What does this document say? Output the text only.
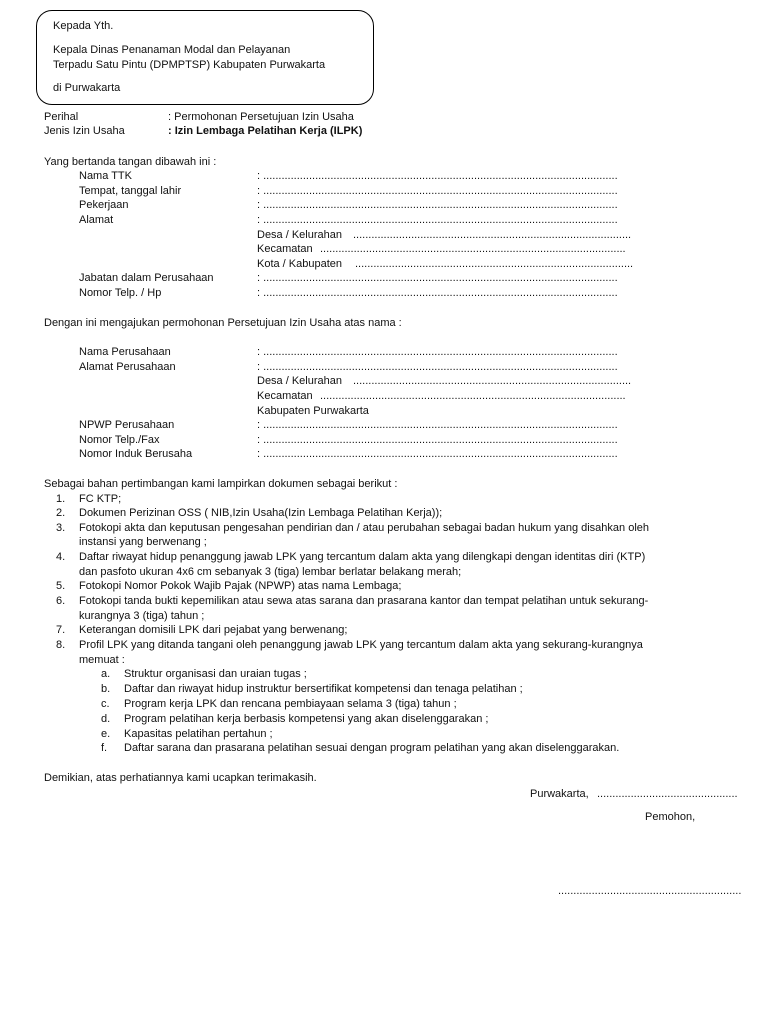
Kepada Yth.
Kepala Dinas Penanaman Modal dan Pelayanan
Terpadu Satu Pintu (DPMPTSP) Kabupaten Purwakarta
di Purwakarta
Perihal	: Permohonan Persetujuan Izin Usaha
Jenis Izin Usaha	: Izin Lembaga Pelatihan Kerja (ILPK)
Yang bertanda tangan dibawah ini :
Nama TTK	: ....................................................................................................................
Tempat, tanggal lahir	: ....................................................................................................................
Pekerjaan	: ....................................................................................................................
Alamat	: ....................................................................................................................
Desa / Kelurahan ...........................................................................................
Kecamatan ....................................................................................................
Kota / Kabupaten ...........................................................................................
Jabatan dalam Perusahaan	: ....................................................................................................................
Nomor Telp. / Hp	: ....................................................................................................................
Dengan ini mengajukan permohonan Persetujuan Izin Usaha atas nama :
Nama Perusahaan	: ....................................................................................................................
Alamat Perusahaan	: ....................................................................................................................
Desa / Kelurahan ...........................................................................................
Kecamatan ....................................................................................................
Kabupaten Purwakarta
NPWP Perusahaan	: ....................................................................................................................
Nomor Telp./Fax	: ....................................................................................................................
Nomor Induk Berusaha	: ....................................................................................................................
Sebagai bahan pertimbangan kami lampirkan dokumen sebagai berikut :
1. FC KTP;
2. Dokumen Perizinan OSS ( NIB,Izin Usaha(Izin Lembaga Pelatihan Kerja));
3. Fotokopi akta dan keputusan pengesahan pendirian dan / atau perubahan sebagai badan hukum yang disahkan oleh
instansi yang berwenang ;
4. Daftar riwayat hidup penanggung jawab LPK yang tercantum dalam akta yang dilengkapi dengan identitas diri (KTP)
dan pasfoto ukuran 4x6 cm sebanyak 3 (tiga) lembar berlatar belakang merah;
5. Fotokopi Nomor Pokok Wajib Pajak (NPWP) atas nama Lembaga;
6. Fotokopi tanda bukti kepemilikan atau sewa atas sarana dan prasarana kantor dan tempat pelatihan untuk sekurang-
kurangnya 3 (tiga) tahun ;
7. Keterangan domisili LPK dari pejabat yang berwenang;
8. Profil LPK yang ditanda tangani oleh penanggung jawab LPK yang tercantum dalam akta yang sekurang-kurangnya
memuat :
a. Struktur organisasi dan uraian tugas ;
b. Daftar dan riwayat hidup instruktur bersertifikat kompetensi dan tenaga pelatihan ;
c. Program kerja LPK dan rencana pembiayaan selama 3 (tiga) tahun ;
d. Program pelatihan kerja berbasis kompetensi yang akan diselenggarakan ;
e. Kapasitas pelatihan pertahun ;
f. Daftar sarana dan prasarana pelatihan sesuai dengan program pelatihan yang akan diselenggarakan.
Demikian, atas perhatiannya kami ucapkan terimakasih.
Purwakarta, ..............................................
Pemohon,
............................................................
